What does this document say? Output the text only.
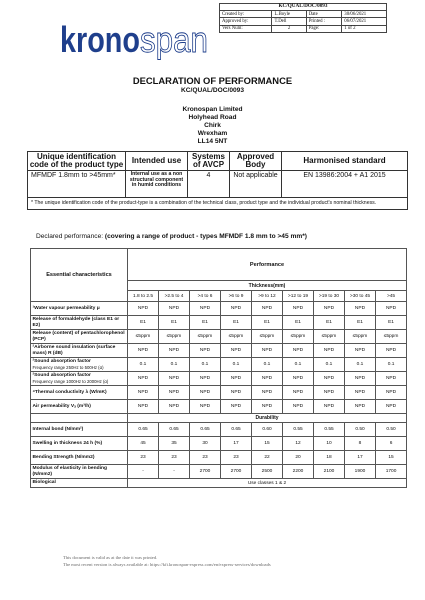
krono span
KC/QUAL/DOC/0093			
Created by:	L.Boyle	Date	30/06/2021
Approved by:	T.Dell	Printed :	06/07/2021
Vers Num:	2	Page:	1 of 2
DECLARATION OF PERFORMANCE
KC/QUAL/DOC/0093
Kronospan Limited
Holyhead Road
Chirk
Wrexham
LL14 5NT
Unique identification code of the product type	Intended use	Systems of AVCP	Approved Body	Harmonised standard
MFMDF 1.8mm to >45mm*	Internal use as a non structural component in humid conditions	4	Not applicable	EN 13986:2004 + A1 2015
* The unique identification code of the product-type is a combination of the technical class, product type and the individual product's nominal thickness.				
Declared performance: (covering a range of product - types MFMDF 1.8 mm to >45 mm*)
Essential characteristics	Performance								
	Thickness(mm)								
	1.8 to 2.5	>2.5 to 4	>4 to 6	>6 to 9	>9 to 12	>12 to 19	>19 to 30	>30 to 45	>45
¹Water vapour permeability μ	NPD	NPD	NPD	NPD	NPD	NPD	NPD	NPD	NPD
Release of formaldehyde (class E1 or E2)	E1	E1	E1	E1	E1	E1	E1	E1	E1
Release (content) of pentachlorophenol (PCP)	≤5ppm	≤5ppm	≤5ppm	≤5ppm	≤5ppm	≤5ppm	≤5ppm	≤5ppm	≤5ppm
²Airborne sound insulation (surface mass) R (dB)	NPD	NPD	NPD	NPD	NPD	NPD	NPD	NPD	NPD
²Sound absorption factor
Frequency range 250Hz to 500Hz (α)	0.1	0.1	0.1	0.1	0.1	0.1	0.1	0.1	0.1
²Sound absorption factor
Frequency range 1000Hz to 2000Hz (α)	NPD	NPD	NPD	NPD	NPD	NPD	NPD	NPD	NPD
⁴Thermal conductivity λ (W/mK)	NPD	NPD	NPD	NPD	NPD	NPD	NPD	NPD	NPD
Air permeability Vₐ (m³/h)	NPD	NPD	NPD	NPD	NPD	NPD	NPD	NPD	NPD
	Durability								
Internal bond (N/mm²)	0.65	0.65	0.65	0.65	0.60	0.55	0.55	0.50	0.50
Swelling in thickness 24 h (%)	45	35	30	17	15	12	10	8	6
Bending Strength (N/mm2)	23	23	23	23	22	20	18	17	15
Modulus of elasticity in bending (N/mm2)	-	-	2700	2700	2500	2200	2100	1900	1700
Biological	Use classes 1 & 2								
This document is valid as at the date it was printed.
The most recent version is always available at: https://kfi.kronospan-express.com/en/express-services/downloads
